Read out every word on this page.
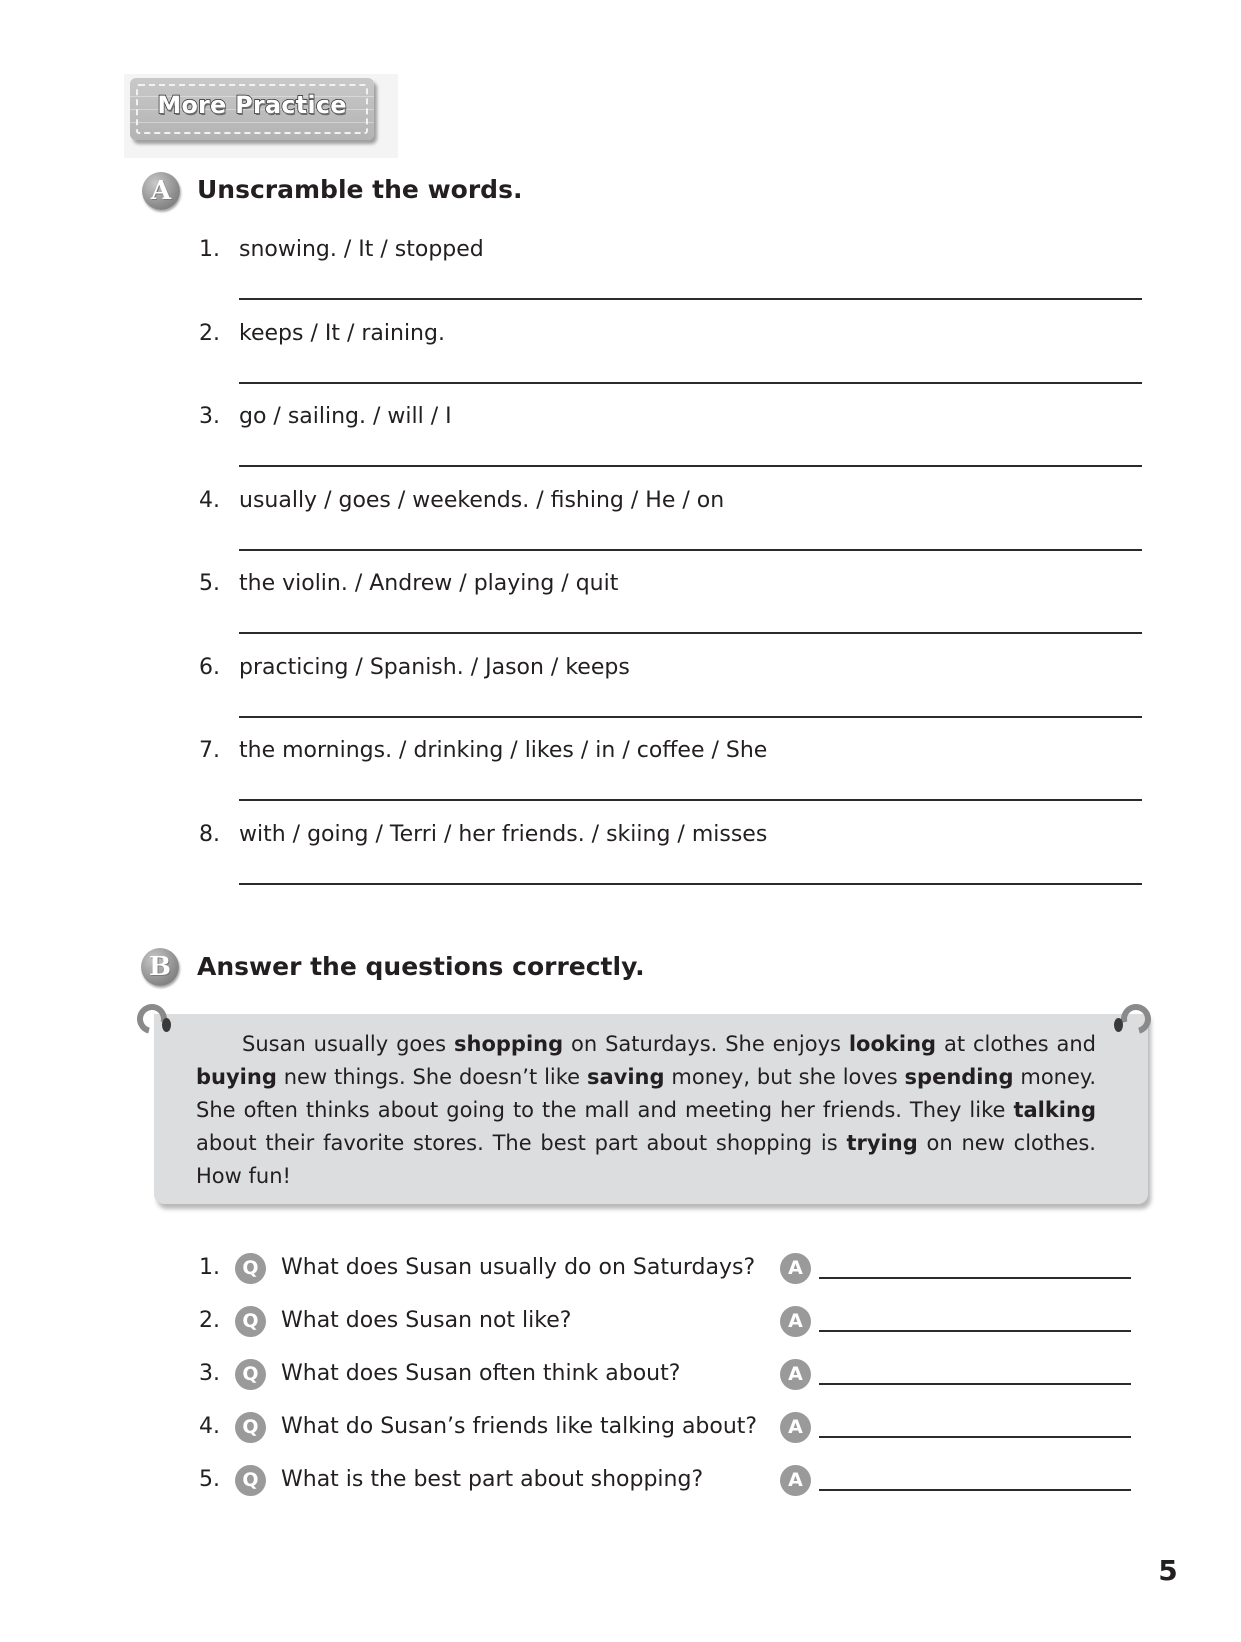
More Practice
A	Unscramble the words.
1. snowing. / It / stopped
2. keeps / It / raining.
3. go / sailing. / will / I
4. usually / goes / weekends. / fishing / He / on
5. the violin. / Andrew / playing / quit
6. practicing / Spanish. / Jason / keeps
7. the mornings. / drinking / likes / in / coffee / She
8. with / going / Terri / her friends. / skiing / misses
B	Answer the questions correctly.
Susan usually goes shopping on Saturdays. She enjoys looking at clothes and buying new things. She doesn’t like saving money, but she loves spending money. She often thinks about going to the mall and meeting her friends. They like talking about their favorite stores. The best part about shopping is trying on new clothes. How fun!
1.	Q	What does Susan usually do on Saturdays?	A
2.	Q	What does Susan not like?	A
3.	Q	What does Susan often think about?	A
4.	Q	What do Susan’s friends like talking about?	A
5.	Q	What is the best part about shopping?	A
5
